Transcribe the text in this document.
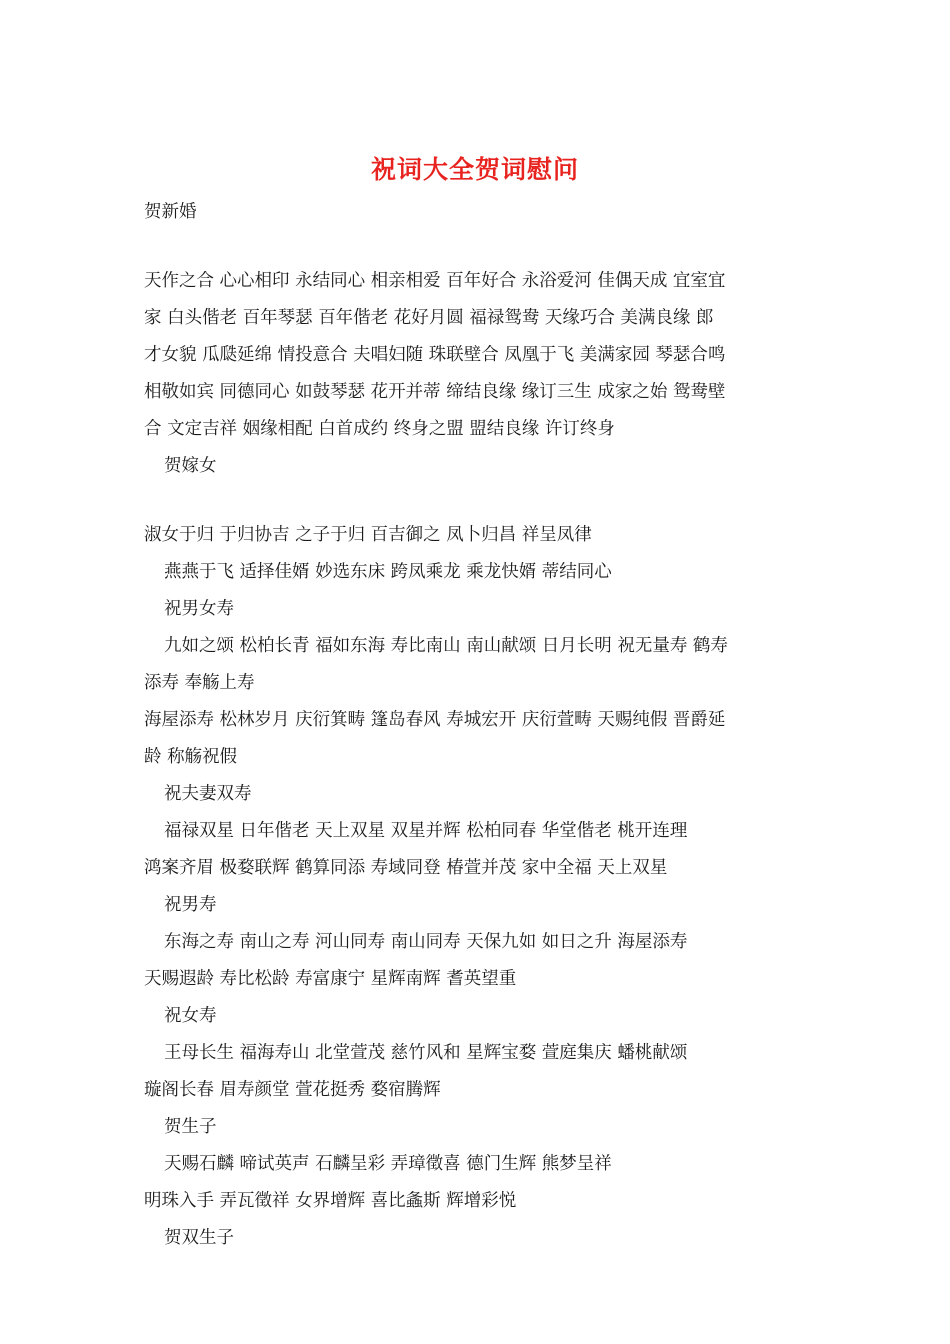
祝词大全贺词慰问
贺新婚
天作之合 心心相印 永结同心 相亲相爱 百年好合 永浴爱河 佳偶天成 宜室宜
家 白头偕老 百年琴瑟 百年偕老 花好月圆 福禄鸳鸯 天缘巧合 美满良缘 郎
才女貌 瓜瓞延绵 情投意合 夫唱妇随 珠联壁合 凤凰于飞 美满家园 琴瑟合鸣
相敬如宾 同德同心 如鼓琴瑟 花开并蒂 缔结良缘 缘订三生 成家之始 鸳鸯壁
合 文定吉祥 姻缘相配 白首成约 终身之盟 盟结良缘 许订终身
贺嫁女
淑女于归 于归协吉 之子于归 百吉御之 凤卜归昌 祥呈凤律
燕燕于飞 适择佳婿 妙选东床 跨凤乘龙 乘龙快婿 蒂结同心
祝男女寿
九如之颂 松柏长青 福如东海 寿比南山 南山献颂 日月长明 祝无量寿 鹤寿
添寿 奉觞上寿
海屋添寿 松林岁月 庆衍箕畴 篷岛春风 寿城宏开 庆衍萱畴 天赐纯假 晋爵延
龄 称觞祝假
祝夫妻双寿
福禄双星 日年偕老 天上双星 双星并辉 松柏同春 华堂偕老 桃开连理
鸿案齐眉 极婺联辉 鹤算同添 寿域同登 椿萱并茂 家中全福 天上双星
祝男寿
东海之寿 南山之寿 河山同寿 南山同寿 天保九如 如日之升 海屋添寿
天赐遐龄 寿比松龄 寿富康宁 星辉南辉 耆英望重
祝女寿
王母长生 福海寿山 北堂萱茂 慈竹风和 星辉宝婺 萱庭集庆 蟠桃献颂
璇阁长春 眉寿颜堂 萱花挺秀 婺宿腾辉
贺生子
天赐石麟 啼试英声 石麟呈彩 弄璋徵喜 德门生辉 熊梦呈祥
明珠入手 弄瓦徵祥 女界增辉 喜比螽斯 辉增彩悦
贺双生子
